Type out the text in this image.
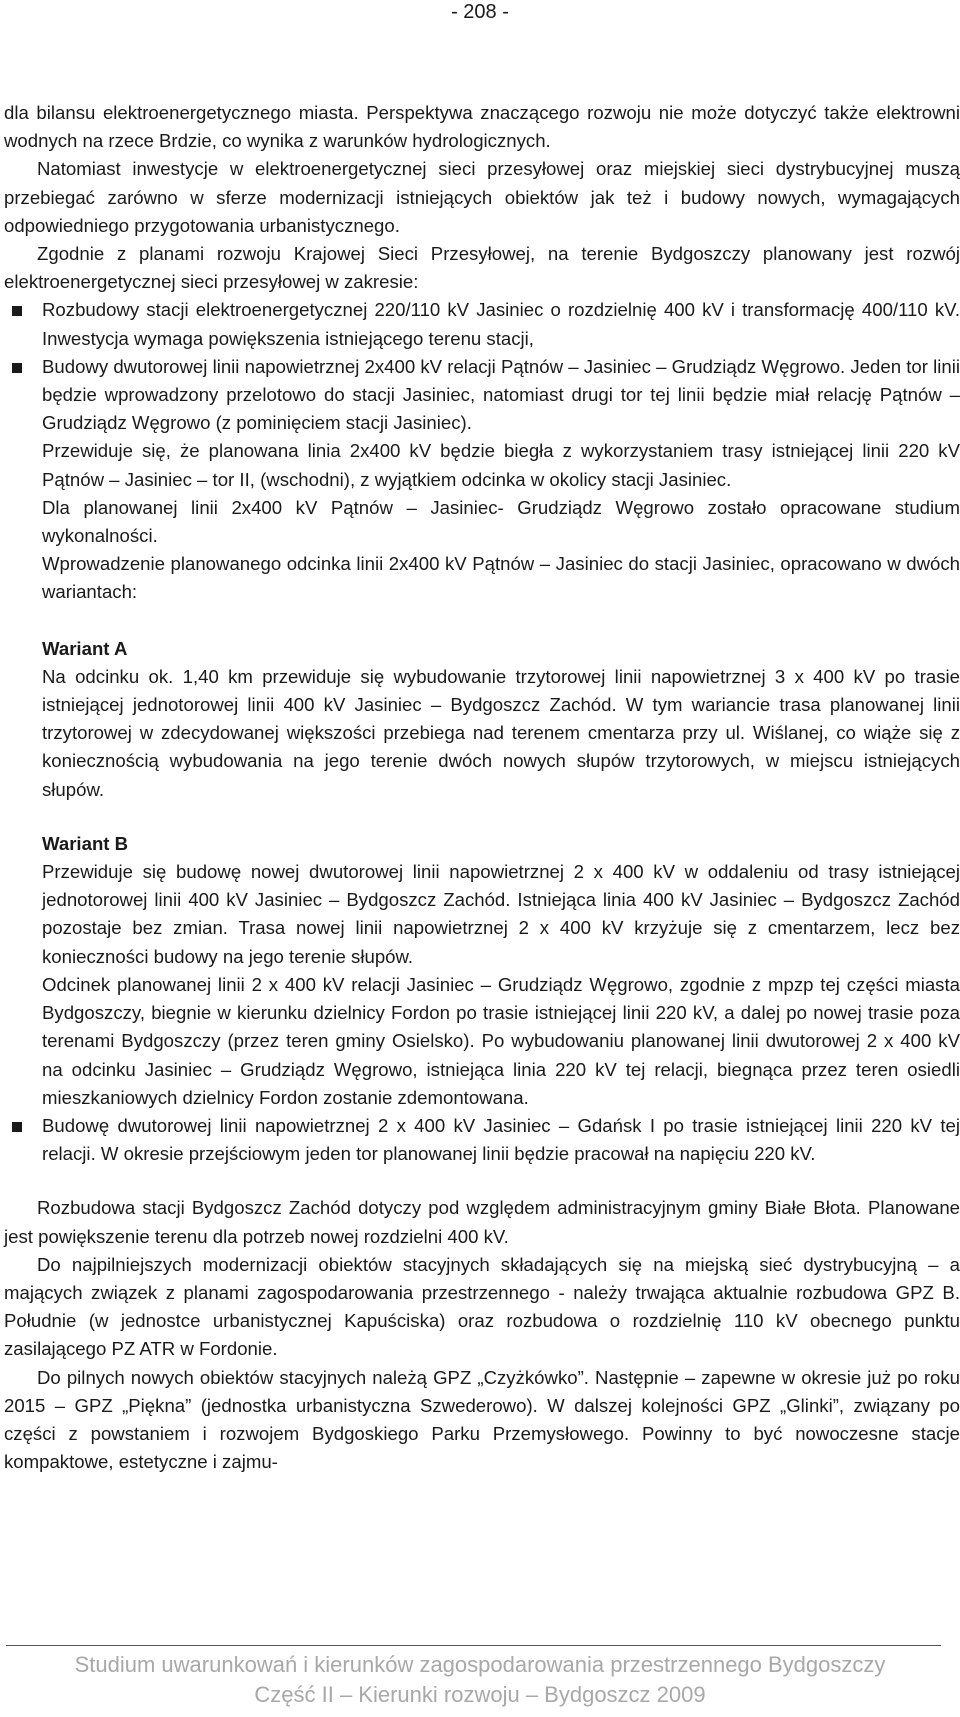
- 208 -

dla bilansu elektroenergetycznego miasta. Perspektywa znaczącego rozwoju nie może dotyczyć także elektrowni wodnych na rzece Brdzie, co wynika z warunków hydrologicznych.

Natomiast inwestycje w elektroenergetycznej sieci przesyłowej oraz miejskiej sieci dystrybucyjnej muszą przebiegać zarówno w sferze modernizacji istniejących obiektów jak też i budowy nowych, wymagających odpowiedniego przygotowania urbanistycznego.

Zgodnie z planami rozwoju Krajowej Sieci Przesyłowej, na terenie Bydgoszczy planowany jest rozwój elektroenergetycznej sieci przesyłowej w zakresie:

Rozbudowy stacji elektroenergetycznej 220/110 kV Jasiniec o rozdzielnię 400 kV i transformację 400/110 kV. Inwestycja wymaga powiększenia istniejącego terenu stacji,
Budowy dwutorowej linii napowietrznej 2x400 kV relacji Pątnów – Jasiniec – Grudziądz Węgrowo. Jeden tor linii będzie wprowadzony przelotowo do stacji Jasiniec, natomiast drugi tor tej linii będzie miał relację Pątnów – Grudziądz Węgrowo (z pominięciem stacji Jasiniec).

Przewiduje się, że planowana linia 2x400 kV będzie biegła z wykorzystaniem trasy istniejącej linii 220 kV Pątnów – Jasiniec – tor II, (wschodni), z wyjątkiem odcinka w okolicy stacji Jasiniec.

Dla planowanej linii 2x400 kV Pątnów – Jasiniec- Grudziądz Węgrowo zostało opracowane studium wykonalności.

Wprowadzenie planowanego odcinka linii 2x400 kV Pątnów – Jasiniec do stacji Jasiniec, opracowano w dwóch wariantach:

Wariant A

Na odcinku ok. 1,40 km przewiduje się wybudowanie trzytorowej linii napowietrznej 3 x 400 kV po trasie istniejącej jednotorowej linii 400 kV Jasiniec – Bydgoszcz Zachód. W tym wariancie trasa planowanej linii trzytorowej w zdecydowanej większości przebiega nad terenem cmentarza przy ul. Wiślanej, co wiąże się z koniecznością wybudowania na jego terenie dwóch nowych słupów trzytorowych, w miejscu istniejących słupów.

Wariant B

Przewiduje się budowę nowej dwutorowej linii napowietrznej 2 x 400 kV w oddaleniu od trasy istniejącej jednotorowej linii 400 kV Jasiniec – Bydgoszcz Zachód. Istniejąca linia 400 kV Jasiniec – Bydgoszcz Zachód pozostaje bez zmian. Trasa nowej linii napowietrznej 2 x 400 kV krzyżuje się z cmentarzem, lecz bez konieczności budowy na jego terenie słupów.

Odcinek planowanej linii 2 x 400 kV relacji Jasiniec – Grudziądz Węgrowo, zgodnie z mpzp tej części miasta Bydgoszczy, biegnie w kierunku dzielnicy Fordon po trasie istniejącej linii 220 kV, a dalej po nowej trasie poza terenami Bydgoszczy (przez teren gminy Osielsko). Po wybudowaniu planowanej linii dwutorowej 2 x 400 kV na odcinku Jasiniec – Grudziądz Węgrowo, istniejąca linia 220 kV tej relacji, biegnąca przez teren osiedli mieszkaniowych dzielnicy Fordon zostanie zdemontowana.

Budowę dwutorowej linii napowietrznej 2 x 400 kV Jasiniec – Gdańsk I po trasie istniejącej linii 220 kV tej relacji. W okresie przejściowym jeden tor planowanej linii będzie pracował na napięciu 220 kV.

Rozbudowa stacji Bydgoszcz Zachód dotyczy pod względem administracyjnym gminy Białe Błota. Planowane jest powiększenie terenu dla potrzeb nowej rozdzielni 400 kV.

Do najpilniejszych modernizacji obiektów stacyjnych składających się na miejską sieć dystrybucyjną – a mających związek z planami zagospodarowania przestrzennego - należy trwająca aktualnie rozbudowa GPZ B. Południe (w jednostce urbanistycznej Kapuściska) oraz rozbudowa o rozdzielnię 110 kV obecnego punktu zasilającego PZ ATR w Fordonie.

Do pilnych nowych obiektów stacyjnych należą GPZ „Czyżkówko”. Następnie – zapewne w okresie już po roku 2015 – GPZ „Piękna” (jednostka urbanistyczna Szwederowo). W dalszej kolejności GPZ „Glinki”, związany po części z powstaniem i rozwojem Bydgoskiego Parku Przemysłowego. Powinny to być nowoczesne stacje kompaktowe, estetyczne i zajmu-

Studium uwarunkowań i kierunków zagospodarowania przestrzennego Bydgoszczy
Część II – Kierunki rozwoju – Bydgoszcz 2009
